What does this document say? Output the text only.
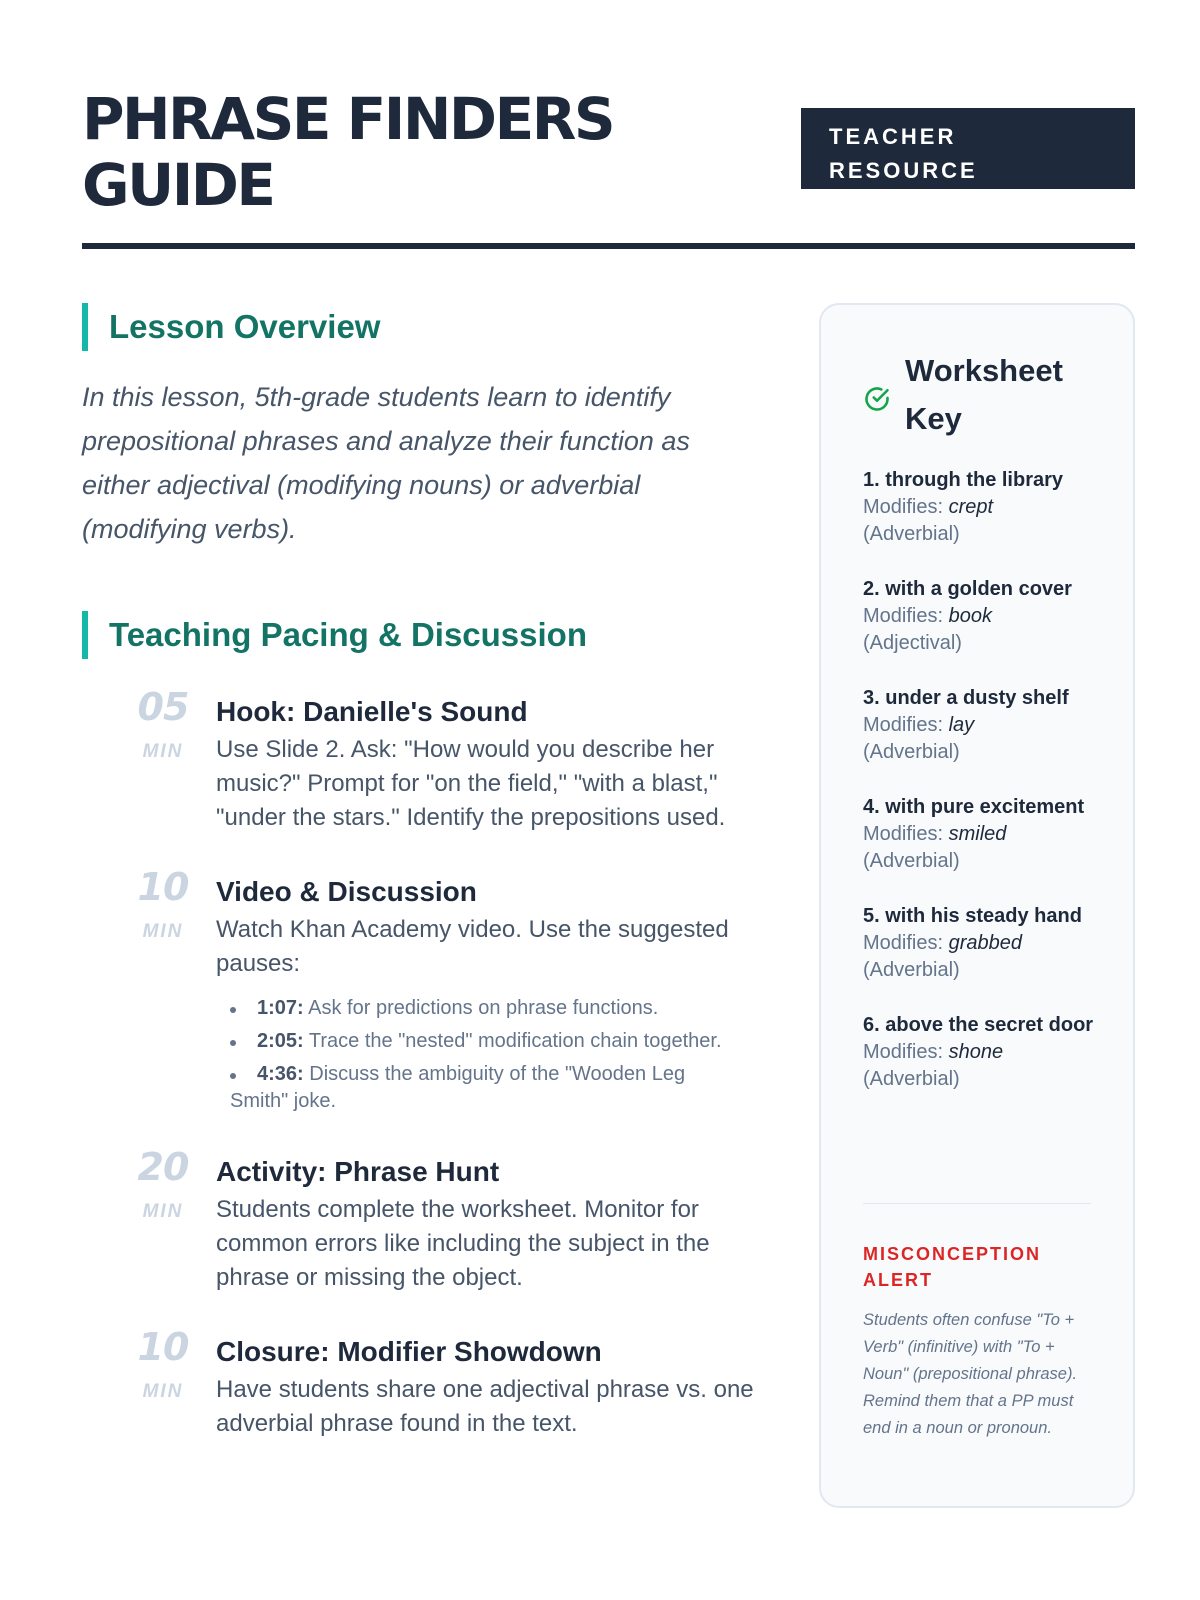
PHRASE FINDERS
GUIDE
TEACHER
RESOURCE
Lesson Overview

In this lesson, 5th-grade students learn to identify prepositional phrases and analyze their function as either adjectival (modifying nouns) or adverbial (modifying verbs).

Teaching Pacing & Discussion
05
MIN
Hook: Danielle's Sound

Use Slide 2. Ask: "How would you describe her music?" Prompt for "on the field," "with a blast," "under the stars." Identify the prepositions used.

10
MIN
Video & Discussion

Watch Khan Academy video. Use the suggested pauses:

1:07: Ask for predictions on phrase functions.
2:05: Trace the "nested" modification chain together.
4:36: Discuss the ambiguity of the "Wooden Leg Smith" joke.
20
MIN
Activity: Phrase Hunt

Students complete the worksheet. Monitor for common errors like including the subject in the phrase or missing the object.

10
MIN
Closure: Modifier Showdown

Have students share one adjectival phrase vs. one adverbial phrase found in the text.

Worksheet Key
1. through the library
Modifies: crept
(Adverbial)
2. with a golden cover
Modifies: book
(Adjectival)
3. under a dusty shelf
Modifies: lay
(Adverbial)
4. with pure excitement
Modifies: smiled
(Adverbial)
5. with his steady hand
Modifies: grabbed
(Adverbial)
6. above the secret door
Modifies: shone
(Adverbial)
MISCONCEPTION ALERT
Students often confuse "To + Verb" (infinitive) with "To + Noun" (prepositional phrase). Remind them that a PP must end in a noun or pronoun.
